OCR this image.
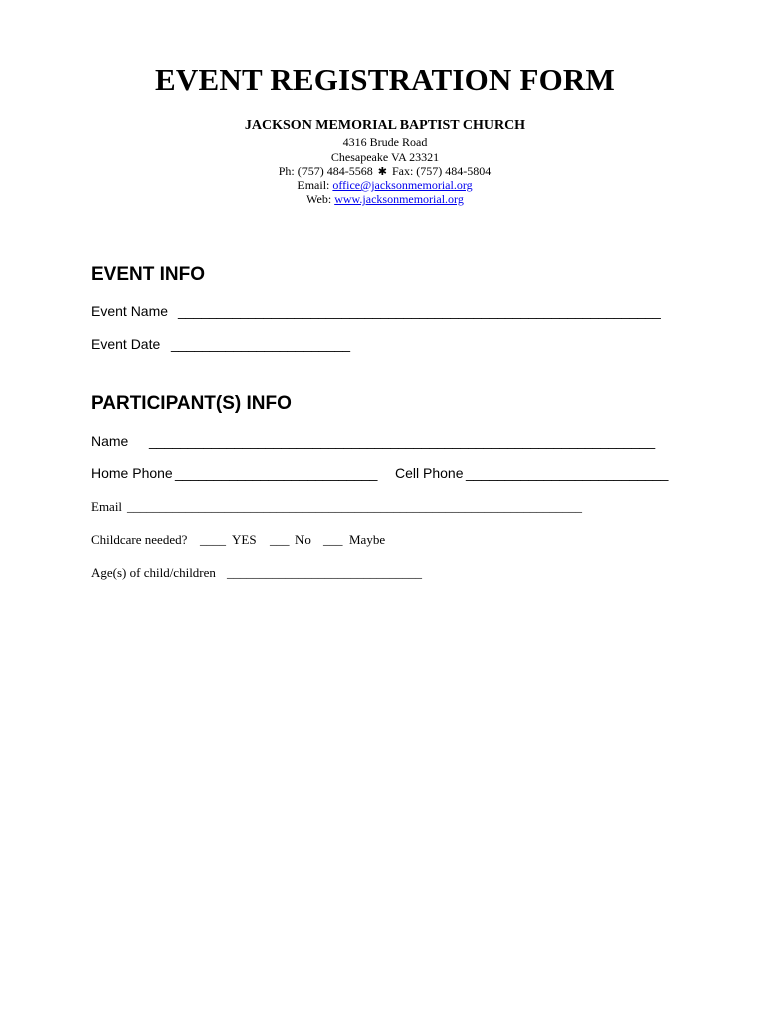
EVENT REGISTRATION FORM
JACKSON MEMORIAL BAPTIST CHURCH
4316 Brude Road
Chesapeake VA 23321
Ph: (757) 484-5568 ✱ Fax: (757) 484-5804
Email: office@jacksonmemorial.org
Web: www.jacksonmemorial.org
EVENT INFO
Event Name ______________________________________________________________
Event Date _______________________
PARTICIPANT(S) INFO
Name _________________________________________________________________
Home Phone __________________________ Cell Phone __________________________
Email ______________________________________________________________________
Childcare needed? ____ YES ___ No ___ Maybe
Age(s) of child/children ______________________________
